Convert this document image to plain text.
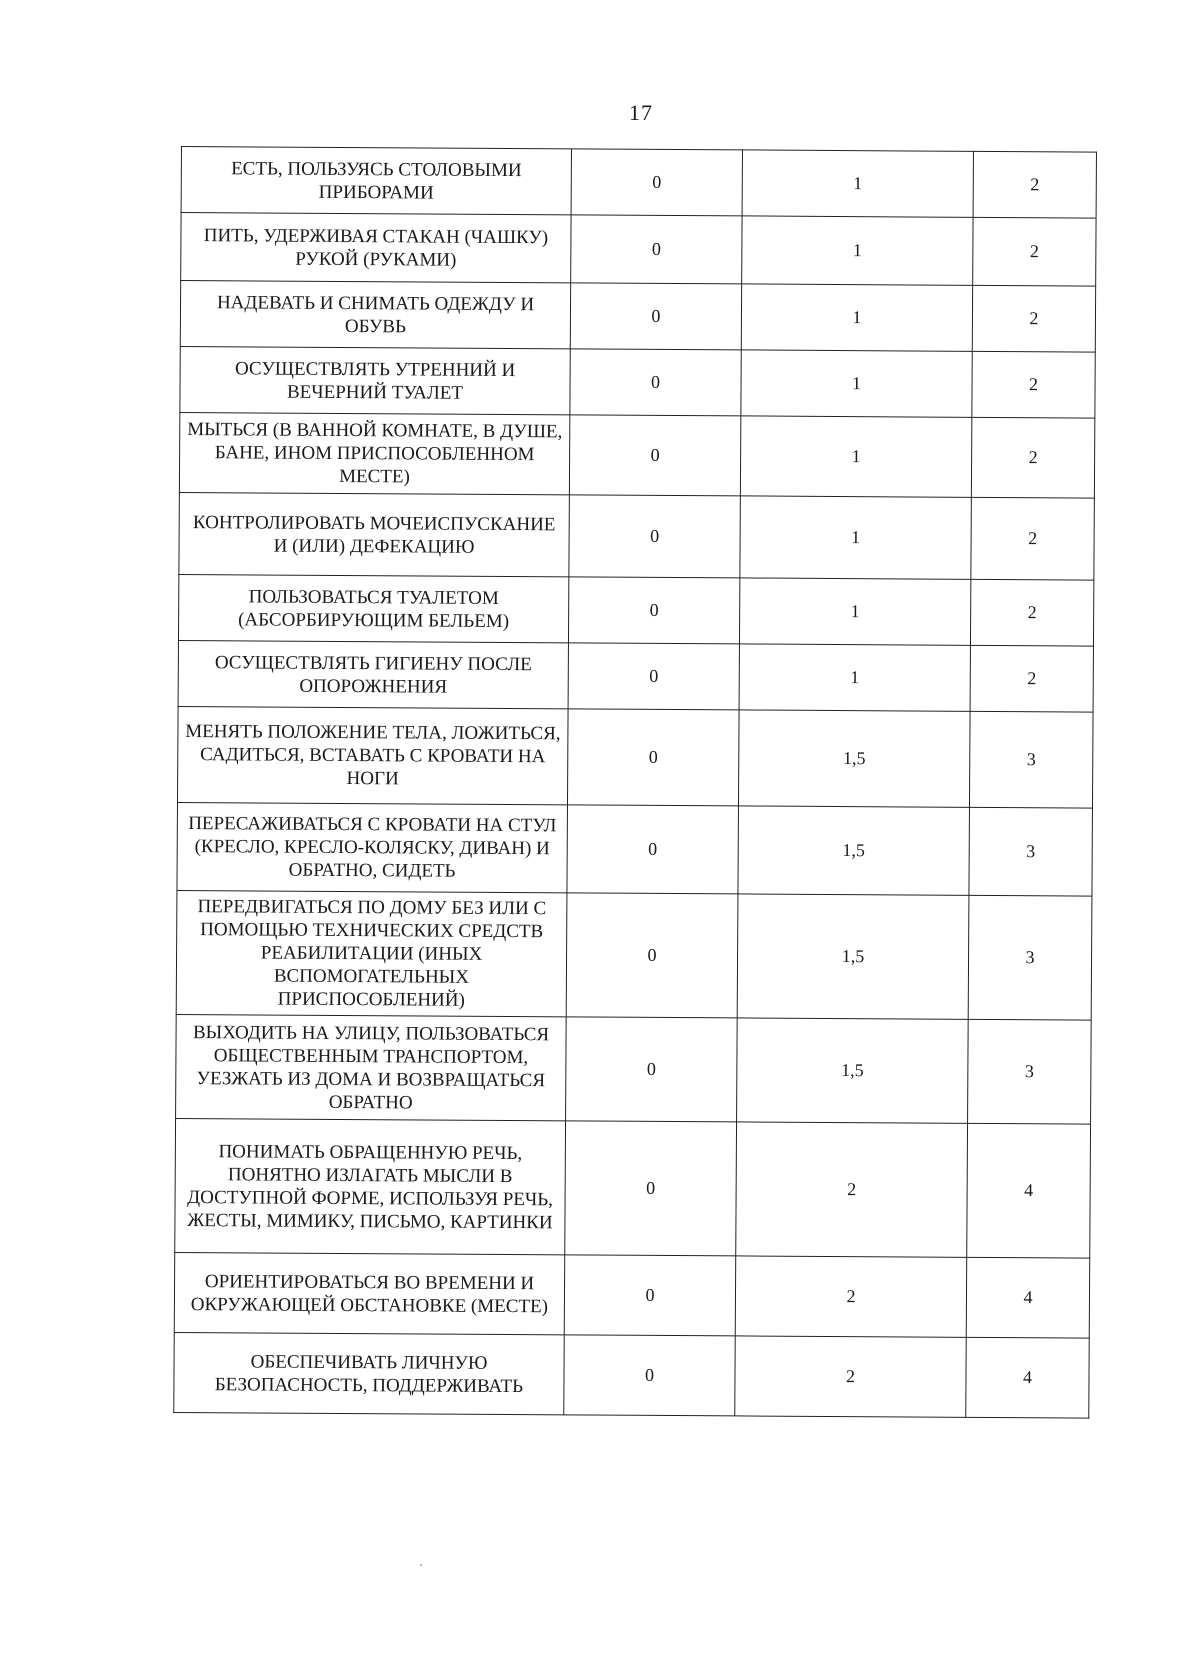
17
ЕСТЬ, ПОЛЬЗУЯСЬ СТОЛОВЫМИ ПРИБОРАМИ	0	1	2
ПИТЬ, УДЕРЖИВАЯ СТАКАН (ЧАШКУ) РУКОЙ (РУКАМИ)	0	1	2
НАДЕВАТЬ И СНИМАТЬ ОДЕЖДУ И ОБУВЬ	0	1	2
ОСУЩЕСТВЛЯТЬ УТРЕННИЙ И ВЕЧЕРНИЙ ТУАЛЕТ	0	1	2
МЫТЬСЯ (В ВАННОЙ КОМНАТЕ, В ДУШЕ, БАНЕ, ИНОМ ПРИСПОСОБЛЕННОМ МЕСТЕ)	0	1	2
КОНТРОЛИРОВАТЬ МОЧЕИСПУСКАНИЕ И (ИЛИ) ДЕФЕКАЦИЮ	0	1	2
ПОЛЬЗОВАТЬСЯ ТУАЛЕТОМ (АБСОРБИРУЮЩИМ БЕЛЬЕМ)	0	1	2
ОСУЩЕСТВЛЯТЬ ГИГИЕНУ ПОСЛЕ ОПОРОЖНЕНИЯ	0	1	2
МЕНЯТЬ ПОЛОЖЕНИЕ ТЕЛА, ЛОЖИТЬСЯ, САДИТЬСЯ, ВСТАВАТЬ С КРОВАТИ НА НОГИ	0	1,5	3
ПЕРЕСАЖИВАТЬСЯ С КРОВАТИ НА СТУЛ (КРЕСЛО, КРЕСЛО-КОЛЯСКУ, ДИВАН) И ОБРАТНО, СИДЕТЬ	0	1,5	3
ПЕРЕДВИГАТЬСЯ ПО ДОМУ БЕЗ ИЛИ С ПОМОЩЬЮ ТЕХНИЧЕСКИХ СРЕДСТВ РЕАБИЛИТАЦИИ (ИНЫХ ВСПОМОГАТЕЛЬНЫХ ПРИСПОСОБЛЕНИЙ)	0	1,5	3
ВЫХОДИТЬ НА УЛИЦУ, ПОЛЬЗОВАТЬСЯ ОБЩЕСТВЕННЫМ ТРАНСПОРТОМ, УЕЗЖАТЬ ИЗ ДОМА И ВОЗВРАЩАТЬСЯ ОБРАТНО	0	1,5	3
ПОНИМАТЬ ОБРАЩЕННУЮ РЕЧЬ, ПОНЯТНО ИЗЛАГАТЬ МЫСЛИ В ДОСТУПНОЙ ФОРМЕ, ИСПОЛЬЗУЯ РЕЧЬ, ЖЕСТЫ, МИМИКУ, ПИСЬМО, КАРТИНКИ	0	2	4
ОРИЕНТИРОВАТЬСЯ ВО ВРЕМЕНИ И ОКРУЖАЮЩЕЙ ОБСТАНОВКЕ (МЕСТЕ)	0	2	4
ОБЕСПЕЧИВАТЬ ЛИЧНУЮ БЕЗОПАСНОСТЬ, ПОДДЕРЖИВАТЬ	0	2	4
